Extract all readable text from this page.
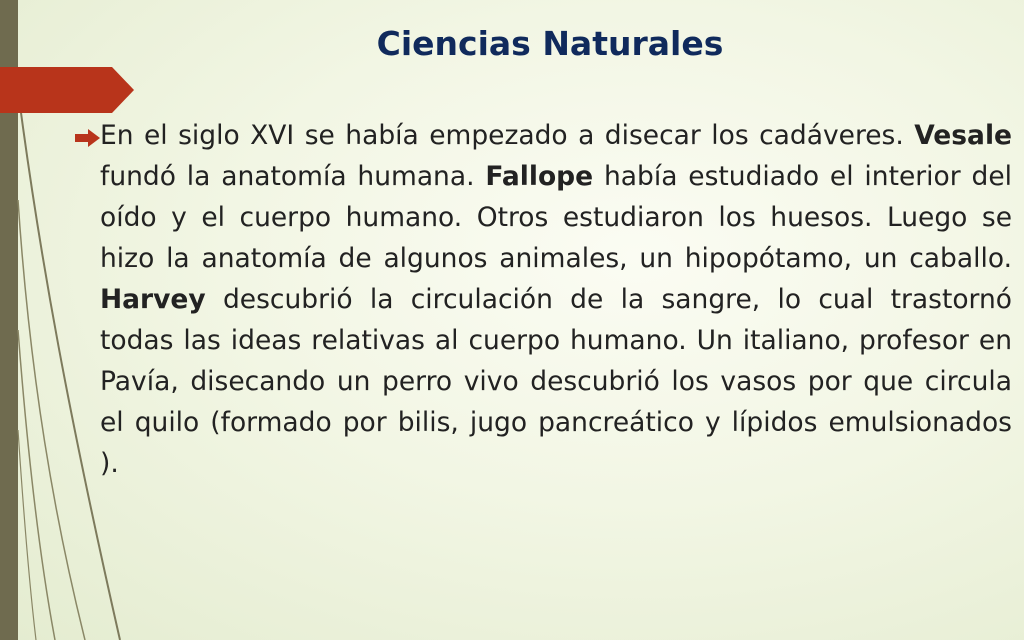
Ciencias Naturales

En el siglo XVI se había empezado a disecar los cadáveres. Vesale fundó la anatomía humana. Fallope había estudiado el interior del oído y el cuerpo humano. Otros estudiaron los huesos. Luego se hizo la anatomía de algunos animales, un hipopótamo, un caballo. Harvey descubrió la circulación de la sangre, lo cual trastornó todas las ideas relativas al cuerpo humano. Un italiano, profesor en Pavía, disecando un perro vivo descubrió los vasos por que circula el quilo (formado por bilis, jugo pancreático y lípidos emulsionados ).
